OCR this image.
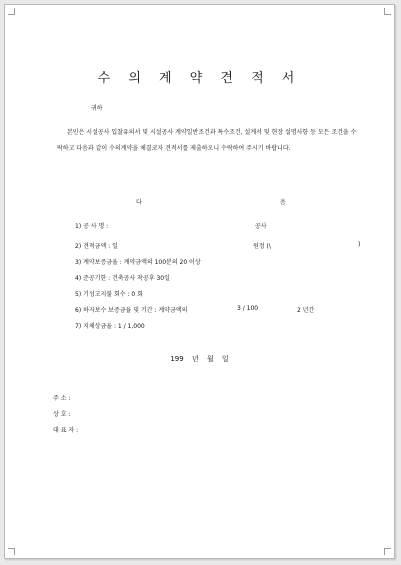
수 의 계 약 견 적 서
귀하
본인은 시설공사 입찰유의서 및 시설공사 계약일반조건과 특수조건, 설계서 및 현장 설명사항 등 모든 조건을 수락하고 다음과 같이 수의계약을 체결코자 견적서를 제출하오니 수락하여 주시기 바랍니다.
다	음
1) 공 사 명 :	공사
2) 견적금액 : 일	원정 (\	)
3) 계약보증금율 : 계약금액의 100분의 20 이상
4) 준공기한 : 건축공사 착공후 30일
5) 기성고지불 회수 : 0 회
6) 하자보수 보증금율 및 기간 : 계약금액의	3 / 100	2 년간
7) 지체상금율 : 1 / 1,000
199 년 월 일
주 소 :
상 호 :
대 표 자 :
